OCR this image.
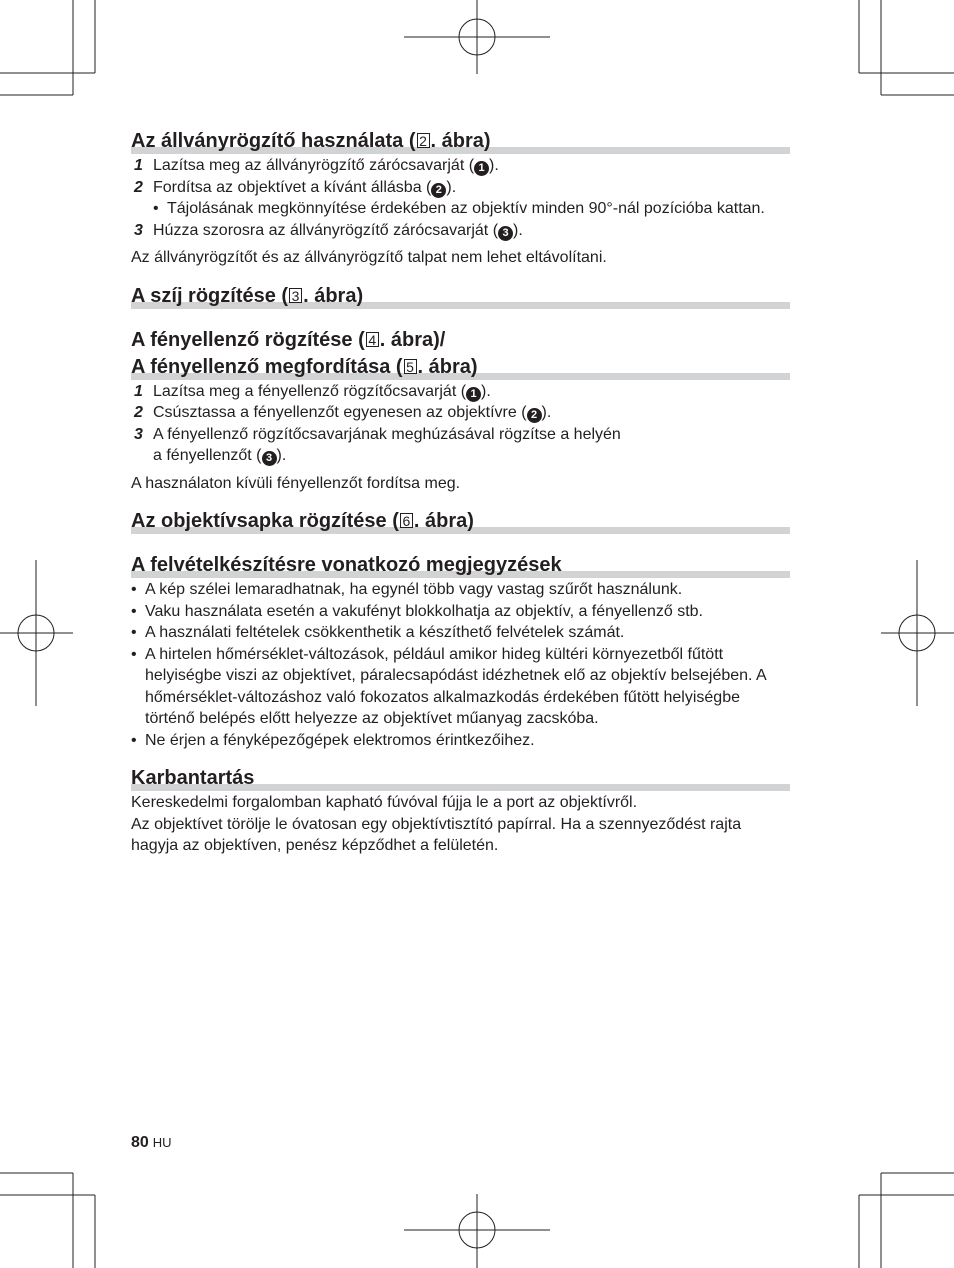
Az állványrögzítő használata ( 2 . ábra)
1 Lazítsa meg az állványrögzítő zárócsavarját ( 1 ).
2 Fordítsa az objektívet a kívánt állásba ( 2 ).
• Tájolásának megkönnyítése érdekében az objektív minden 90°-nál pozícióba kattan.
3 Húzza szorosra az állványrögzítő zárócsavarját ( 3 ).
Az állványrögzítőt és az állványrögzítő talpat nem lehet eltávolítani.
A szíj rögzítése ( 3 . ábra)
A fényellenző rögzítése ( 4 . ábra)/
A fényellenző megfordítása ( 5 . ábra)
1 Lazítsa meg a fényellenző rögzítőcsavarját ( 1 ).
2 Csúsztassa a fényellenzőt egyenesen az objektívre ( 2 ).
3 A fényellenző rögzítőcsavarjának meghúzásával rögzítse a helyén
a fényellenzőt ( 3 ).
A használaton kívüli fényellenzőt fordítsa meg.
Az objektívsapka rögzítése ( 6 . ábra)
A felvételkészítésre vonatkozó megjegyzések
• A kép szélei lemaradhatnak, ha egynél több vagy vastag szűrőt használunk.
• Vaku használata esetén a vakufényt blokkolhatja az objektív, a fényellenző stb.
• A használati feltételek csökkenthetik a készíthető felvételek számát.
• A hirtelen hőmérséklet-változások, például amikor hideg kültéri környezetből fűtött helyiségbe viszi az objektívet, páralecsapódást idézhetnek elő az objektív belsejében. A hőmérséklet-változáshoz való fokozatos alkalmazkodás érdekében fűtött helyiségbe történő belépés előtt helyezze az objektívet műanyag zacskóba.
• Ne érjen a fényképezőgépek elektromos érintkezőihez.
Karbantartás
Kereskedelmi forgalomban kapható fúvóval fújja le a port az objektívről.
Az objektívet törölje le óvatosan egy objektívtisztító papírral. Ha a szennyeződést rajta hagyja az objektíven, penész képződhet a felületén.
80 HU
